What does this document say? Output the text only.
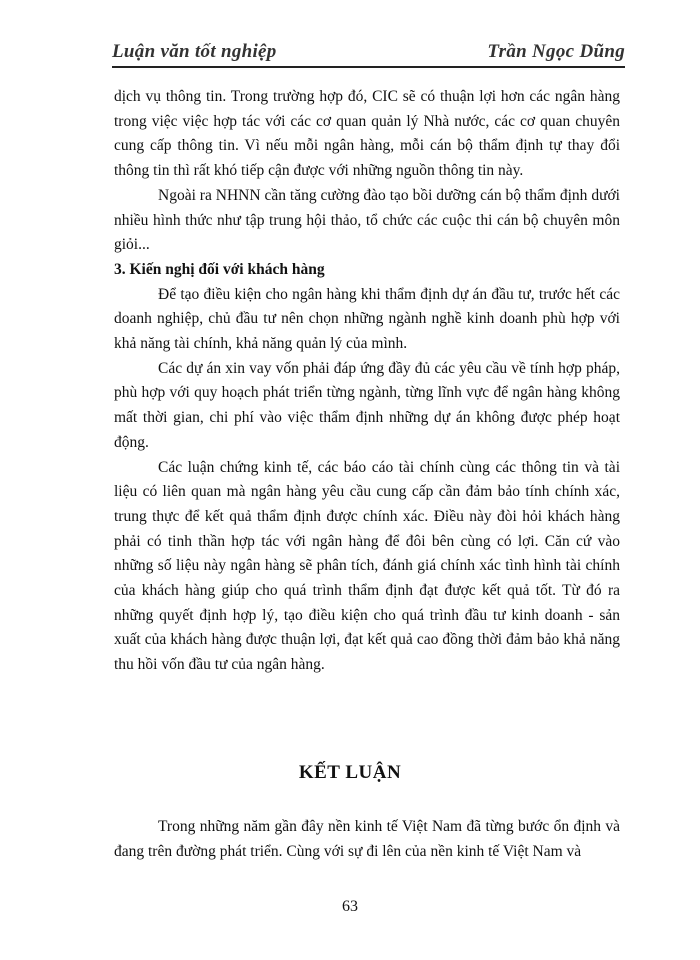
Luận văn tốt nghiệp	Trần Ngọc Dũng

dịch vụ thông tin. Trong trường hợp đó, CIC sẽ có thuận lợi hơn các ngân hàng trong việc việc hợp tác với các cơ quan quản lý Nhà nước, các cơ quan chuyên cung cấp thông tin. Vì nếu mỗi ngân hàng, mỗi cán bộ thẩm định tự thay đổi thông tin thì rất khó tiếp cận được với những nguồn thông tin này.

Ngoài ra NHNN cần tăng cường đào tạo bồi dưỡng cán bộ thẩm định dưới nhiều hình thức như tập trung hội thảo, tổ chức các cuộc thi cán bộ chuyên môn giỏi...

3. Kiến nghị đối với khách hàng

Để tạo điều kiện cho ngân hàng khi thẩm định dự án đầu tư, trước hết các doanh nghiệp, chủ đầu tư nên chọn những ngành nghề kinh doanh phù hợp với khả năng tài chính, khả năng quản lý của mình.

Các dự án xin vay vốn phải đáp ứng đầy đủ các yêu cầu về tính hợp pháp, phù hợp với quy hoạch phát triển từng ngành, từng lĩnh vực để ngân hàng không mất thời gian, chi phí vào việc thẩm định những dự án không được phép hoạt động.

Các luận chứng kinh tế, các báo cáo tài chính cùng các thông tin và tài liệu có liên quan mà ngân hàng yêu cầu cung cấp cần đảm bảo tính chính xác, trung thực để kết quả thẩm định được chính xác. Điều này đòi hỏi khách hàng phải có tinh thần hợp tác với ngân hàng để đôi bên cùng có lợi. Căn cứ vào những số liệu này ngân hàng sẽ phân tích, đánh giá chính xác tình hình tài chính của khách hàng giúp cho quá trình thẩm định đạt được kết quả tốt. Từ đó ra những quyết định hợp lý, tạo điều kiện cho quá trình đầu tư kinh doanh - sản xuất của khách hàng được thuận lợi, đạt kết quả cao đồng thời đảm bảo khả năng thu hồi vốn đầu tư của ngân hàng.

KẾT LUẬN

Trong những năm gần đây nền kinh tế Việt Nam đã từng bước ổn định và đang trên đường phát triển. Cùng với sự đi lên của nền kinh tế Việt Nam và

63
